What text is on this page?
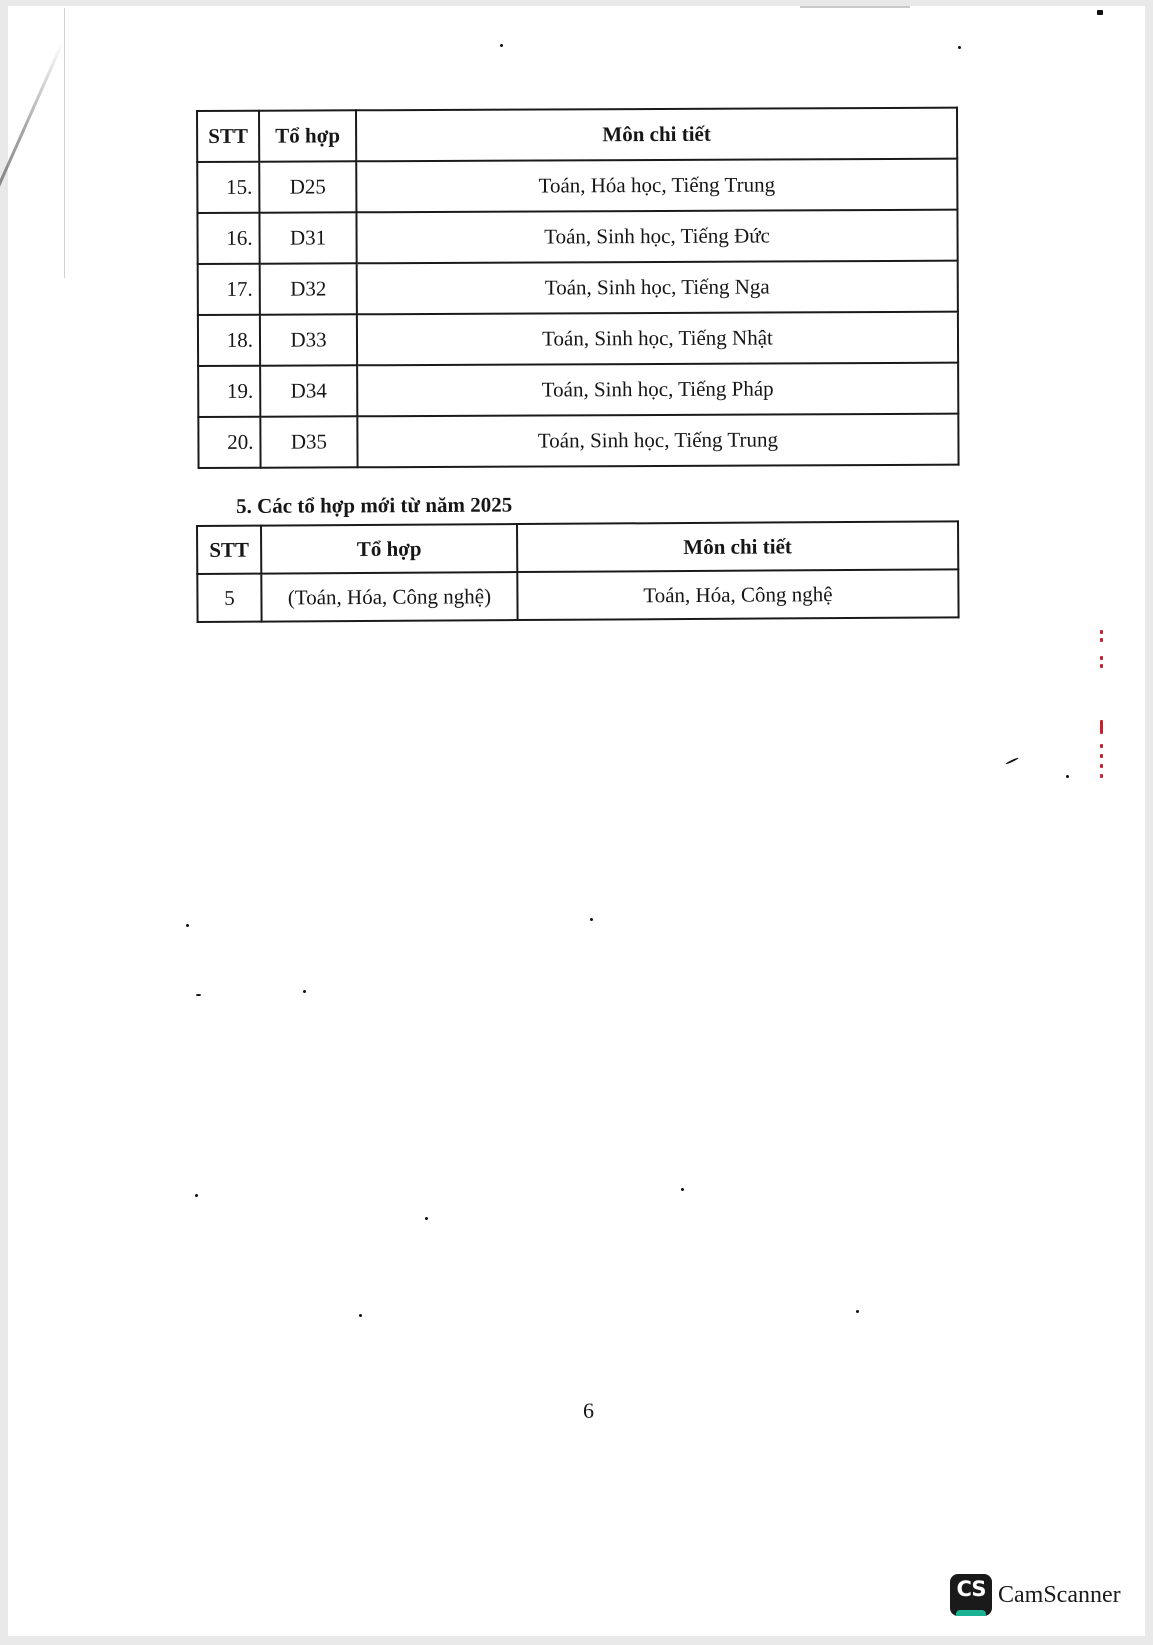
STT	Tổ hợp	Môn chi tiết
15.	D25	Toán, Hóa học, Tiếng Trung
16.	D31	Toán, Sinh học, Tiếng Đức
17.	D32	Toán, Sinh học, Tiếng Nga
18.	D33	Toán, Sinh học, Tiếng Nhật
19.	D34	Toán, Sinh học, Tiếng Pháp
20.	D35	Toán, Sinh học, Tiếng Trung
5. Các tổ hợp mới từ năm 2025
STT	Tổ hợp	Môn chi tiết
5	(Toán, Hóa, Công nghệ)	Toán, Hóa, Công nghệ
6
CS CamScanner
